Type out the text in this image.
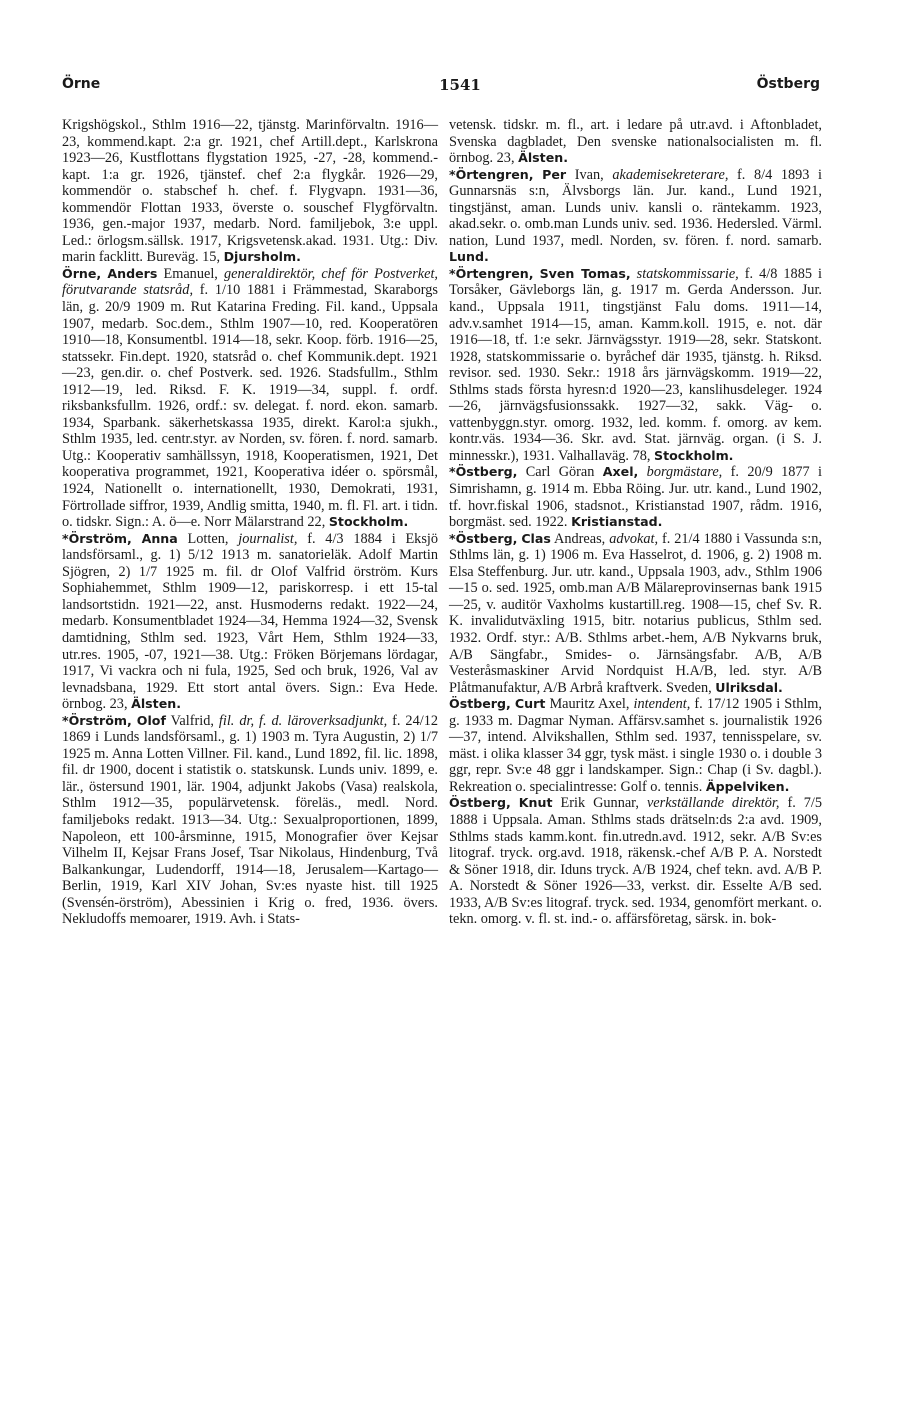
Örne	1541	Östberg
Krigshögskol., Sthlm 1916—22, tjänstg. Marinförvaltn. 1916—23, kommend.kapt. 2:a gr. 1921, chef Artill.dept., Karlskrona 1923—26, Kustflottans flygstation 1925, -27, -28, kommend.-kapt. 1:a gr. 1926, tjänstef. chef 2:a flygkår. 1926—29, kommendör o. stabschef h. chef. f. Flygvapn. 1931—36, kommendör Flottan 1933, överste o. souschef Flygförvaltn. 1936, gen.-major 1937, medarb. Nord. familjebok, 3:e uppl. Led.: örlogsm.sällsk. 1917, Krigsvetensk.akad. 1931. Utg.: Div. marin facklitt. Bureväg. 15, Djursholm.
Örne, Anders Emanuel, generaldirektör, chef för Postverket, förutvarande statsråd, f. 1/10 1881 i Främmestad, Skaraborgs län, g. 20/9 1909 m. Rut Katarina Freding. Fil. kand., Uppsala 1907, medarb. Soc.dem., Sthlm 1907—10, red. Kooperatören 1910—18, Konsumentbl. 1914—18, sekr. Koop. förb. 1916—25, statssekr. Fin.dept. 1920, statsråd o. chef Kommunik.dept. 1921—23, gen.dir. o. chef Postverk. sed. 1926. Stadsfullm., Sthlm 1912—19, led. Riksd. F. K. 1919—34, suppl. f. ordf. riksbanksfullm. 1926, ordf.: sv. delegat. f. nord. ekon. samarb. 1934, Sparbank. säkerhetskassa 1935, direkt. Karol:a sjukh., Sthlm 1935, led. centr.styr. av Norden, sv. fören. f. nord. samarb. Utg.: Kooperativ samhällssyn, 1918, Kooperatismen, 1921, Det kooperativa programmet, 1921, Kooperativa idéer o. spörsmål, 1924, Nationellt o. internationellt, 1930, Demokrati, 1931, Förtrollade siffror, 1939, Andlig smitta, 1940, m. fl. Fl. art. i tidn. o. tidskr. Sign.: A. ö—e. Norr Mälarstrand 22, Stockholm.
*Örström, Anna Lotten, journalist, f. 4/3 1884 i Eksjö landsförsaml., g. 1) 5/12 1913 m. sanatorieläk. Adolf Martin Sjögren, 2) 1/7 1925 m. fil. dr Olof Valfrid örström. Kurs Sophiahemmet, Sthlm 1909—12, pariskorresp. i ett 15-tal landsortstidn. 1921—22, anst. Husmoderns redakt. 1922—24, medarb. Konsumentbladet 1924—34, Hemma 1924—32, Svensk damtidning, Sthlm sed. 1923, Vårt Hem, Sthlm 1924—33, utr.res. 1905, -07, 1921—38. Utg.: Fröken Börjemans lördagar, 1917, Vi vackra och ni fula, 1925, Sed och bruk, 1926, Val av levnadsbana, 1929. Ett stort antal övers. Sign.: Eva Hede. örnbog. 23, Älsten.
*Örström, Olof Valfrid, fil. dr, f. d. läroverksadjunkt, f. 24/12 1869 i Lunds landsförsaml., g. 1) 1903 m. Tyra Augustin, 2) 1/7 1925 m. Anna Lotten Villner. Fil. kand., Lund 1892, fil. lic. 1898, fil. dr 1900, docent i statistik o. statskunsk. Lunds univ. 1899, e. lär., östersund 1901, lär. 1904, adjunkt Jakobs (Vasa) realskola, Sthlm 1912—35, populärvetensk. föreläs., medl. Nord. familjeboks redakt. 1913—34. Utg.: Sexualproportionen, 1899, Napoleon, ett 100-årsminne, 1915, Monografier över Kejsar Vilhelm II, Kejsar Frans Josef, Tsar Nikolaus, Hindenburg, Två Balkankungar, Ludendorff, 1914—18, Jerusalem—Kartago—Berlin, 1919, Karl XIV Johan, Sv:es nyaste hist. till 1925 (Svensén-örström), Abessinien i Krig o. fred, 1936. övers. Nekludoffs memoarer, 1919. Avh. i Stats-
vetensk. tidskr. m. fl., art. i ledare på utr.avd. i Aftonbladet, Svenska dagbladet, Den svenske nationalsocialisten m. fl. örnbog. 23, Älsten.
*Örtengren, Per Ivan, akademisekreterare, f. 8/4 1893 i Gunnarsnäs s:n, Älvsborgs län. Jur. kand., Lund 1921, tingstjänst, aman. Lunds univ. kansli o. räntekamm. 1923, akad.sekr. o. omb.man Lunds univ. sed. 1936. Hedersled. Värml. nation, Lund 1937, medl. Norden, sv. fören. f. nord. samarb. Lund.
*Örtengren, Sven Tomas, statskommissarie, f. 4/8 1885 i Torsåker, Gävleborgs län, g. 1917 m. Gerda Andersson. Jur. kand., Uppsala 1911, tingstjänst Falu doms. 1911—14, adv.v.samhet 1914—15, aman. Kamm.koll. 1915, e. not. där 1916—18, tf. 1:e sekr. Järnvägsstyr. 1919—28, sekr. Statskont. 1928, statskommissarie o. byråchef där 1935, tjänstg. h. Riksd. revisor. sed. 1930. Sekr.: 1918 års järnvägskomm. 1919—22, Sthlms stads första hyresn:d 1920—23, kanslihusdeleger. 1924—26, järnvägsfusionssakk. 1927—32, sakk. Väg- o. vattenbyggn.styr. omorg. 1932, led. komm. f. omorg. av kem. kontr.väs. 1934—36. Skr. avd. Stat. järnväg. organ. (i S. J. minnesskr.), 1931. Valhallaväg. 78, Stockholm.
*Östberg, Carl Göran Axel, borgmästare, f. 20/9 1877 i Simrishamn, g. 1914 m. Ebba Röing. Jur. utr. kand., Lund 1902, tf. hovr.fiskal 1906, stadsnot., Kristianstad 1907, rådm. 1916, borgmäst. sed. 1922. Kristianstad.
*Östberg, Clas Andreas, advokat, f. 21/4 1880 i Vassunda s:n, Sthlms län, g. 1) 1906 m. Eva Hasselrot, d. 1906, g. 2) 1908 m. Elsa Steffenburg. Jur. utr. kand., Uppsala 1903, adv., Sthlm 1906—15 o. sed. 1925, omb.man A/B Mälareprovinsernas bank 1915—25, v. auditör Vaxholms kustartill.reg. 1908—15, chef Sv. R. K. invalidutväxling 1915, bitr. notarius publicus, Sthlm sed. 1932. Ordf. styr.: A/B. Sthlms arbet.-hem, A/B Nykvarns bruk, A/B Sängfabr., Smides- o. Järnsängsfabr. A/B, A/B Vesteråsmaskiner Arvid Nordquist H.A/B, led. styr. A/B Plåtmanufaktur, A/B Arbrå kraftverk. Sveden, Ulriksdal.
Östberg, Curt Mauritz Axel, intendent, f. 17/12 1905 i Sthlm, g. 1933 m. Dagmar Nyman. Affärsv.samhet s. journalistik 1926—37, intend. Alvikshallen, Sthlm sed. 1937, tennisspelare, sv. mäst. i olika klasser 34 ggr, tysk mäst. i single 1930 o. i double 3 ggr, repr. Sv:e 48 ggr i landskamper. Sign.: Chap (i Sv. dagbl.). Rekreation o. specialintresse: Golf o. tennis. Äppelviken.
Östberg, Knut Erik Gunnar, verkställande direktör, f. 7/5 1888 i Uppsala. Aman. Sthlms stads drätseln:ds 2:a avd. 1909, Sthlms stads kamm.kont. fin.utredn.avd. 1912, sekr. A/B Sv:es litograf. tryck. org.avd. 1918, räkensk.-chef A/B P. A. Norstedt & Söner 1918, dir. Iduns tryck. A/B 1924, chef tekn. avd. A/B P. A. Norstedt & Söner 1926—33, verkst. dir. Esselte A/B sed. 1933, A/B Sv:es litograf. tryck. sed. 1934, genomfört merkant. o. tekn. omorg. v. fl. st. ind.- o. affärsföretag, särsk. in. bok-
